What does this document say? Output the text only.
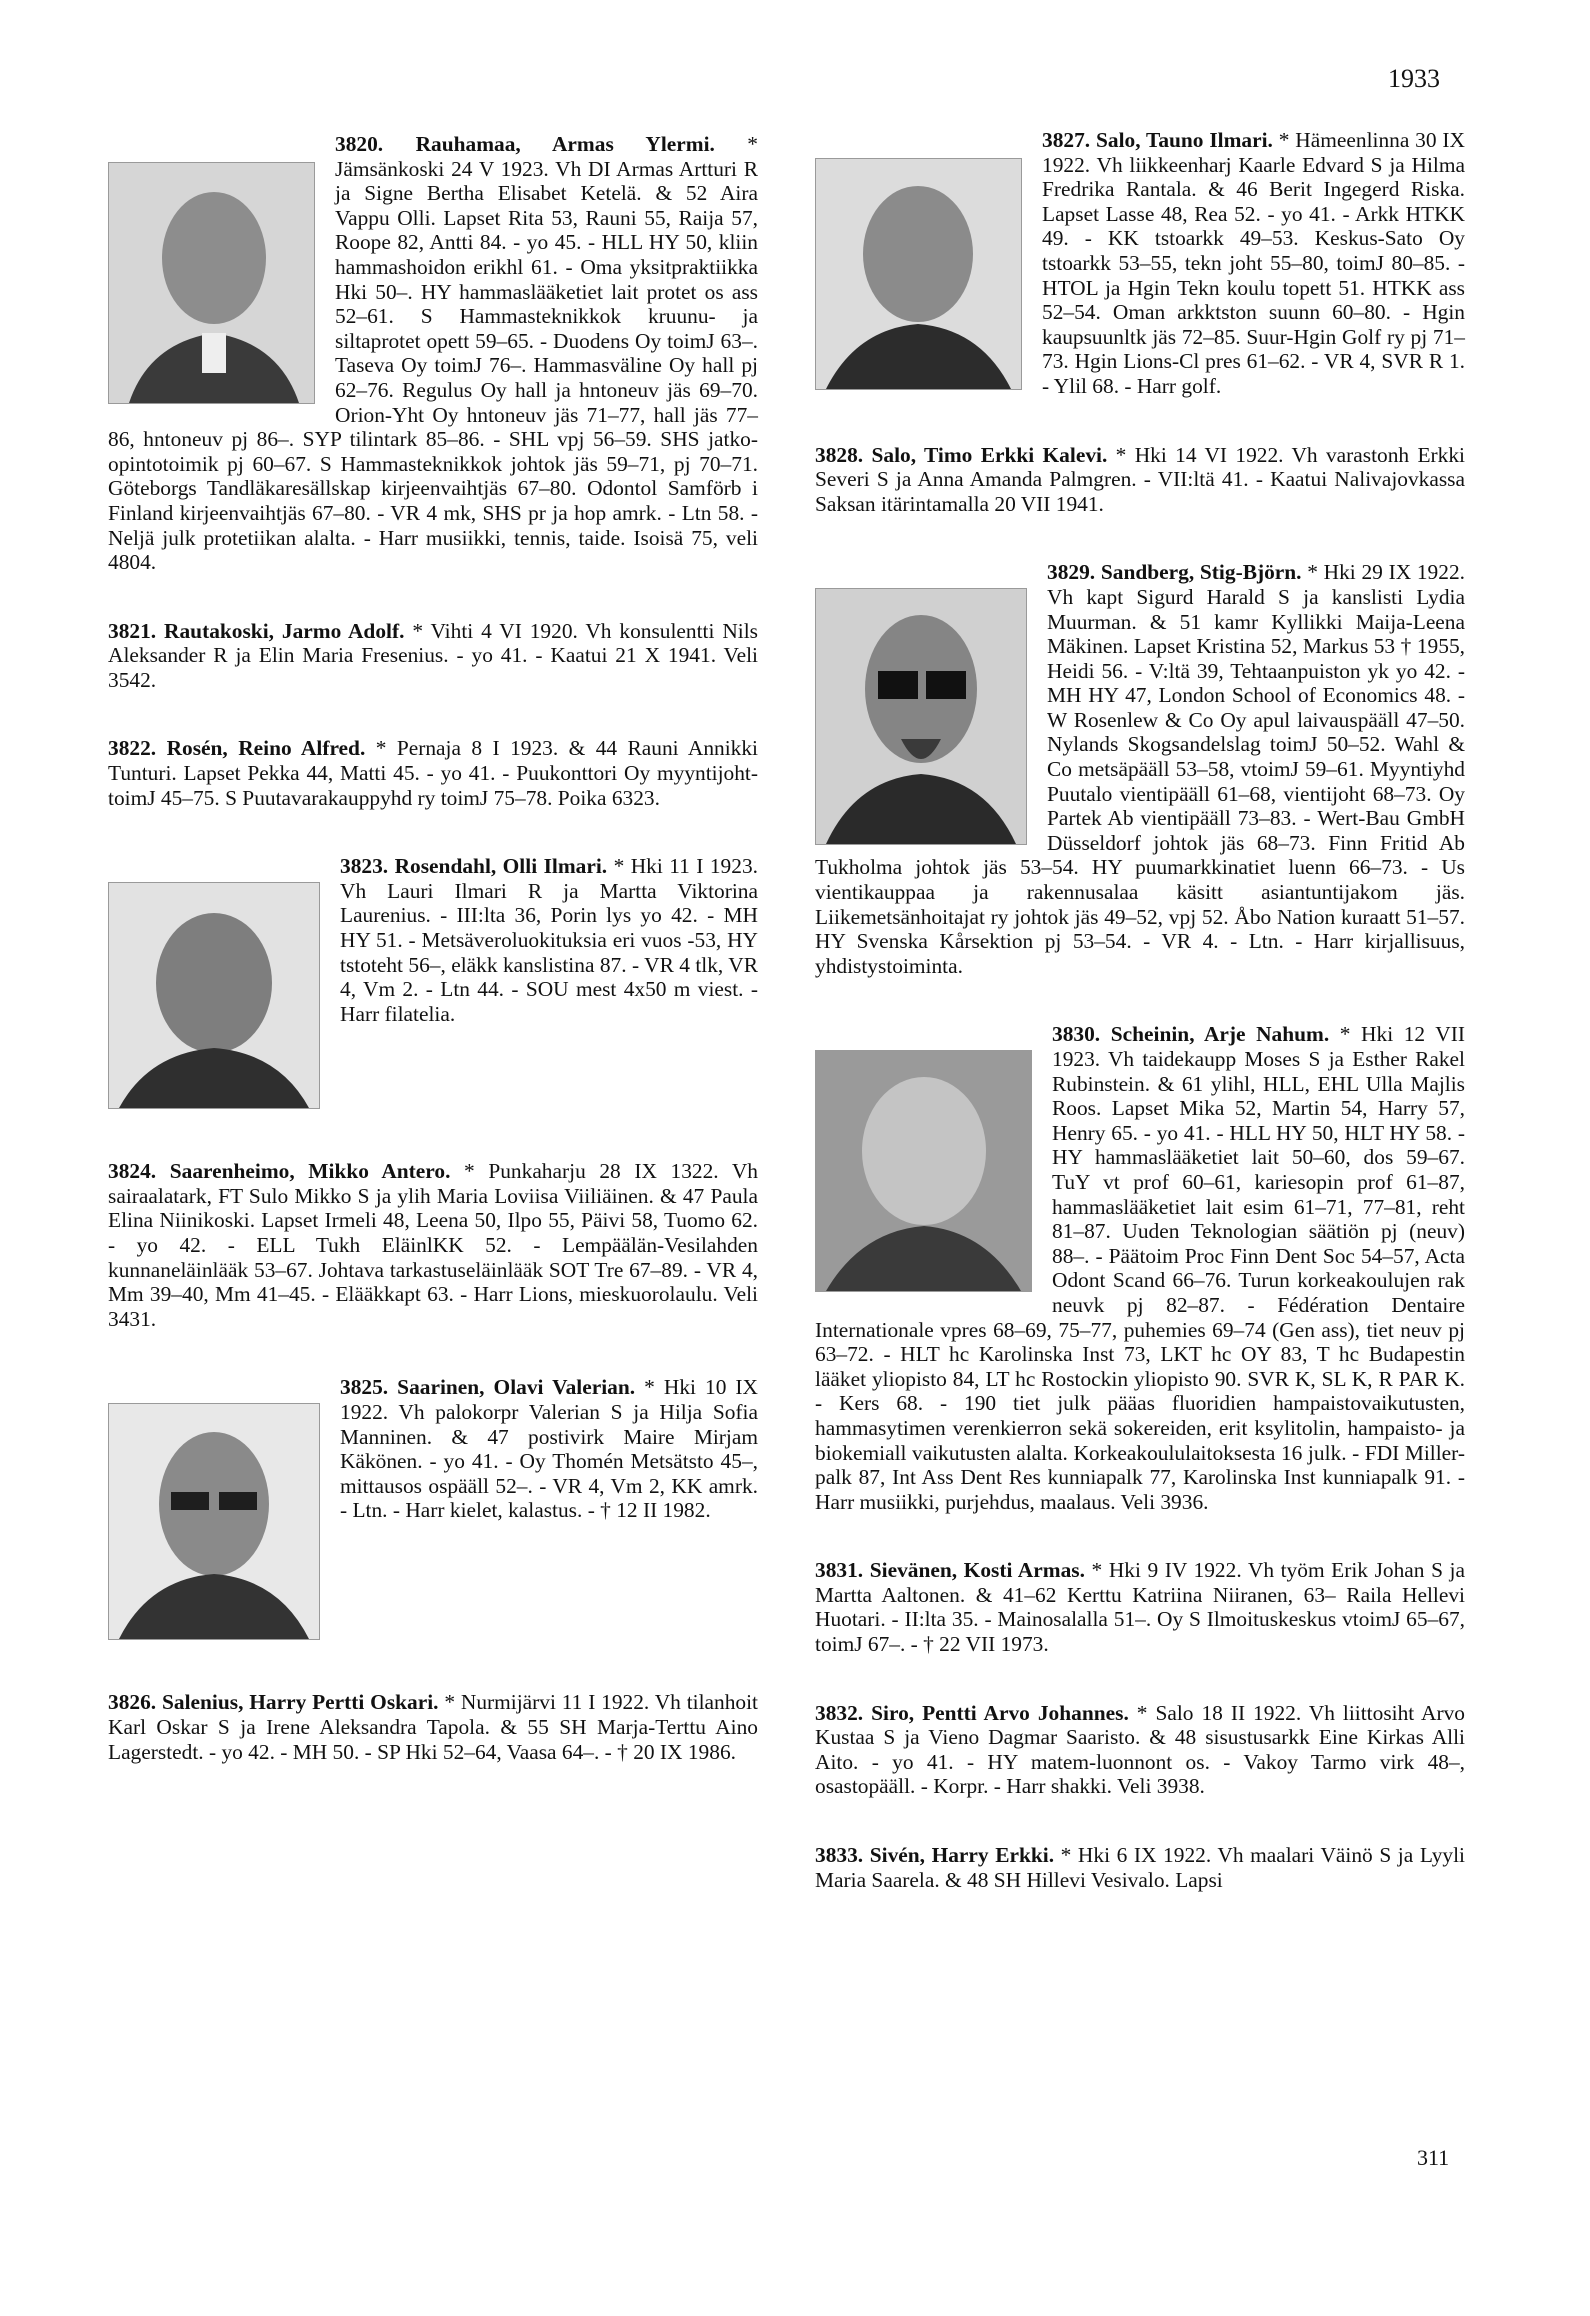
1933
3820. Rauhamaa, Armas Ylermi. * Jämsänkoski 24 V 1923. Vh DI Armas Artturi R ja Signe Bertha Elisabet Ketelä. & 52 Aira Vappu Olli. Lapset Rita 53, Rauni 55, Raija 57, Roope 82, Antti 84. - yo 45. - HLL HY 50, kliin hammashoidon erikhl 61. - Oma yksitpraktiikka Hki 50–. HY hammaslääketiet lait protet os ass 52–61. S Hammasteknikkok kruunu- ja siltaprotet opett 59–65. - Duodens Oy toimJ 63–. Taseva Oy toimJ 76–. Hammasväline Oy hall pj 62–76. Regulus Oy hall ja hntoneuv jäs 69–70. Orion-Yht Oy hntoneuv jäs 71–77, hall jäs 77–86, hntoneuv pj 86–. SYP tilintark 85–86. - SHL vpj 56–59. SHS jatko-opintotoimik pj 60–67. S Hammasteknikkok johtok jäs 59–71, pj 70–71. Göteborgs Tandläkaresällskap kirjeenvaihtjäs 67–80. Odontol Samförb i Finland kirjeenvaihtjäs 67–80. - VR 4 mk, SHS pr ja hop amrk. - Ltn 58. - Neljä julk protetiikan alalta. - Harr musiikki, tennis, taide. Isoisä 75, veli 4804.
3821. Rautakoski, Jarmo Adolf. * Vihti 4 VI 1920. Vh konsulentti Nils Aleksander R ja Elin Maria Fresenius. - yo 41. - Kaatui 21 X 1941. Veli 3542.
3822. Rosén, Reino Alfred. * Pernaja 8 I 1923. & 44 Rauni Annikki Tunturi. Lapset Pekka 44, Matti 45. - yo 41. - Puukonttori Oy myyntijoht-toimJ 45–75. S Puutavarakauppyhd ry toimJ 75–78. Poika 6323.
3823. Rosendahl, Olli Ilmari. * Hki 11 I 1923. Vh Lauri Ilmari R ja Martta Viktorina Laurenius. - III:lta 36, Porin lys yo 42. - MH HY 51. - Metsäveroluokituksia eri vuos -53, HY tstoteht 56–, eläkk kanslistina 87. - VR 4 tlk, VR 4, Vm 2. - Ltn 44. - SOU mest 4x50 m viest. - Harr filatelia.
3824. Saarenheimo, Mikko Antero. * Punkaharju 28 IX 1322. Vh sairaalatark, FT Sulo Mikko S ja ylih Maria Loviisa Viiliäinen. & 47 Paula Elina Niinikoski. Lapset Irmeli 48, Leena 50, Ilpo 55, Päivi 58, Tuomo 62. - yo 42. - ELL Tukh EläinlKK 52. - Lempäälän-Vesilahden kunnaneläinlääk 53–67. Johtava tarkastuseläinlääk SOT Tre 67–89. - VR 4, Mm 39–40, Mm 41–45. - Elääkkapt 63. - Harr Lions, mieskuorolaulu. Veli 3431.
3825. Saarinen, Olavi Valerian. * Hki 10 IX 1922. Vh palokorpr Valerian S ja Hilja Sofia Manninen. & 47 postivirk Maire Mirjam Käkönen. - yo 41. - Oy Thomén Metsätsto 45–, mittausos ospääll 52–. - VR 4, Vm 2, KK amrk. - Ltn. - Harr kielet, kalastus. - † 12 II 1982.
3826. Salenius, Harry Pertti Oskari. * Nurmijärvi 11 I 1922. Vh tilanhoit Karl Oskar S ja Irene Aleksandra Tapola. & 55 SH Marja-Terttu Aino Lagerstedt. - yo 42. - MH 50. - SP Hki 52–64, Vaasa 64–. - † 20 IX 1986.
3827. Salo, Tauno Ilmari. * Hämeenlinna 30 IX 1922. Vh liikkeenharj Kaarle Edvard S ja Hilma Fredrika Rantala. & 46 Berit Ingegerd Riska. Lapset Lasse 48, Rea 52. - yo 41. - Arkk HTKK 49. - KK tstoarkk 49–53. Keskus-Sato Oy tstoarkk 53–55, tekn joht 55–80, toimJ 80–85. - HTOL ja Hgin Tekn koulu topett 51. HTKK ass 52–54. Oman arkktston suunn 60–80. - Hgin kaupsuunltk jäs 72–85. Suur-Hgin Golf ry pj 71–73. Hgin Lions-Cl pres 61–62. - VR 4, SVR R 1. - Ylil 68. - Harr golf.
3828. Salo, Timo Erkki Kalevi. * Hki 14 VI 1922. Vh varastonh Erkki Severi S ja Anna Amanda Palmgren. - VII:ltä 41. - Kaatui Nalivajovkassa Saksan itärintamalla 20 VII 1941.
3829. Sandberg, Stig-Björn. * Hki 29 IX 1922. Vh kapt Sigurd Harald S ja kanslisti Lydia Muurman. & 51 kamr Kyllikki Maija-Leena Mäkinen. Lapset Kristina 52, Markus 53 † 1955, Heidi 56. - V:ltä 39, Tehtaanpuiston yk yo 42. - MH HY 47, London School of Economics 48. - W Rosenlew & Co Oy apul laivauspääll 47–50. Nylands Skogsandelslag toimJ 50–52. Wahl & Co metsäpääll 53–58, vtoimJ 59–61. Myyntiyhd Puutalo vientipääll 61–68, vientijoht 68–73. Oy Partek Ab vientipääll 73–83. - Wert-Bau GmbH Düsseldorf johtok jäs 68–73. Finn Fritid Ab Tukholma johtok jäs 53–54. HY puumarkkinatiet luenn 66–73. - Us vientikauppaa ja rakennusalaa käsitt asiantuntijakom jäs. Liikemetsänhoitajat ry johtok jäs 49–52, vpj 52. Åbo Nation kuraatt 51–57. HY Svenska Kårsektion pj 53–54. - VR 4. - Ltn. - Harr kirjallisuus, yhdistystoiminta.
3830. Scheinin, Arje Nahum. * Hki 12 VII 1923. Vh taidekaupp Moses S ja Esther Rakel Rubinstein. & 61 ylihl, HLL, EHL Ulla Majlis Roos. Lapset Mika 52, Martin 54, Harry 57, Henry 65. - yo 41. - HLL HY 50, HLT HY 58. - HY hammaslääketiet lait 50–60, dos 59–67. TuY vt prof 60–61, kariesopin prof 61–87, hammaslääketiet lait esim 61–71, 77–81, reht 81–87. Uuden Teknologian säätiön pj (neuv) 88–. - Päätoim Proc Finn Dent Soc 54–57, Acta Odont Scand 66–76. Turun korkeakoulujen rak neuvk pj 82–87. - Fédération Dentaire Internationale vpres 68–69, 75–77, puhemies 69–74 (Gen ass), tiet neuv pj 63–72. - HLT hc Karolinska Inst 73, LKT hc OY 83, T hc Budapestin lääket yliopisto 84, LT hc Rostockin yliopisto 90. SVR K, SL K, R PAR K. - Kers 68. - 190 tiet julk pääas fluoridien hampaistovaikutusten, hammasytimen verenkierron sekä sokereiden, erit ksylitolin, hampaisto- ja biokemiall vaikutusten alalta. Korkeakoululaitoksesta 16 julk. - FDI Miller-palk 87, Int Ass Dent Res kunniapalk 77, Karolinska Inst kunniapalk 91. - Harr musiikki, purjehdus, maalaus. Veli 3936.
3831. Sievänen, Kosti Armas. * Hki 9 IV 1922. Vh työm Erik Johan S ja Martta Aaltonen. & 41–62 Kerttu Katriina Niiranen, 63– Raila Hellevi Huotari. - II:lta 35. - Mainosalalla 51–. Oy S Ilmoituskeskus vtoimJ 65–67, toimJ 67–. - † 22 VII 1973.
3832. Siro, Pentti Arvo Johannes. * Salo 18 II 1922. Vh liittosiht Arvo Kustaa S ja Vieno Dagmar Saaristo. & 48 sisustusarkk Eine Kirkas Alli Aito. - yo 41. - HY matem-luonnont os. - Vakoy Tarmo virk 48–, osastopääll. - Korpr. - Harr shakki. Veli 3938.
3833. Sivén, Harry Erkki. * Hki 6 IX 1922. Vh maalari Väinö S ja Lyyli Maria Saarela. & 48 SH Hillevi Vesivalo. Lapsi
311
